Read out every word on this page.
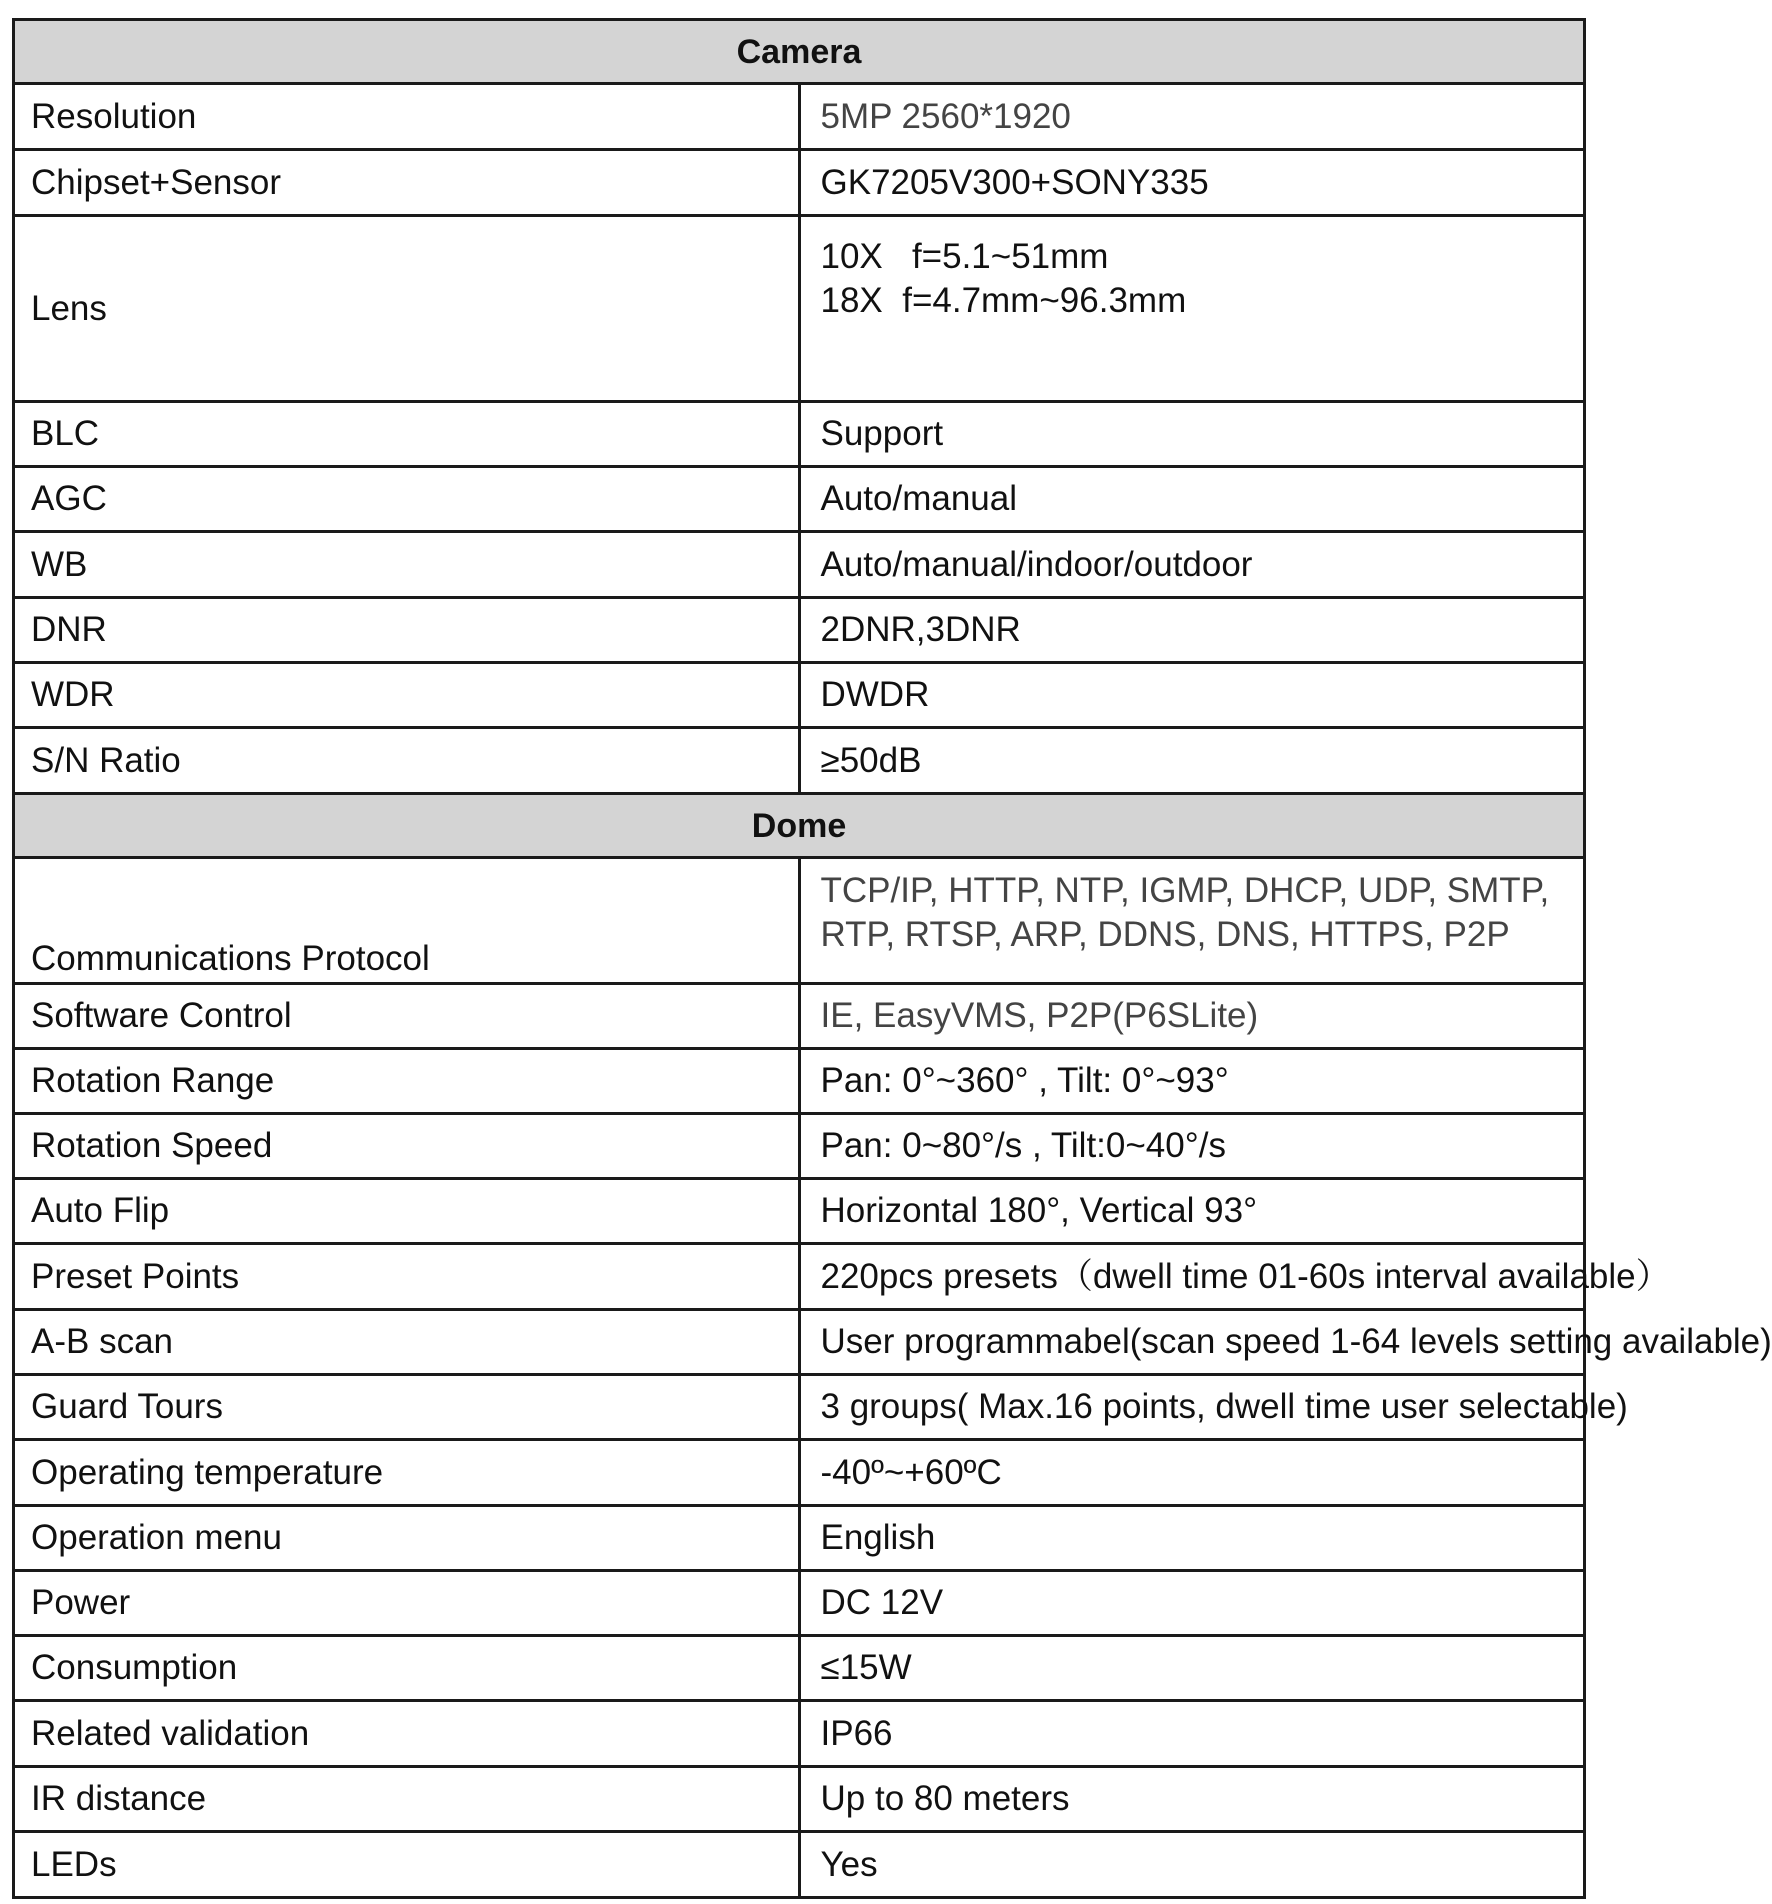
Camera	
Resolution	5MP 2560*1920
Chipset+Sensor	GK7205V300+SONY335
Lens	10X   f=5.1~51mm
18X  f=4.7mm~96.3mm

BLC	Support
AGC	Auto/manual
WB	Auto/manual/indoor/outdoor
DNR	2DNR,3DNR
WDR	DWDR
S/N Ratio	≥50dB
Dome	
Communications Protocol	TCP/IP, HTTP, NTP, IGMP, DHCP, UDP, SMTP, RTP, RTSP, ARP, DDNS, DNS, HTTPS, P2P
Software Control	IE, EasyVMS, P2P(P6SLite)
Rotation Range	Pan: 0°~360° , Tilt: 0°~93°
Rotation Speed	Pan: 0~80°/s , Tilt:0~40°/s
Auto Flip	Horizontal 180°, Vertical 93°
Preset Points	220pcs presets（dwell time 01-60s interval available）
A-B scan	User programmabel(scan speed 1-64 levels setting available)
Guard Tours	3 groups( Max.16 points, dwell time user selectable)
Operating temperature	-40º~+60ºC
Operation menu	English
Power	DC 12V
Consumption	≤15W
Related validation	IP66
IR distance	Up to 80 meters
LEDs	Yes
